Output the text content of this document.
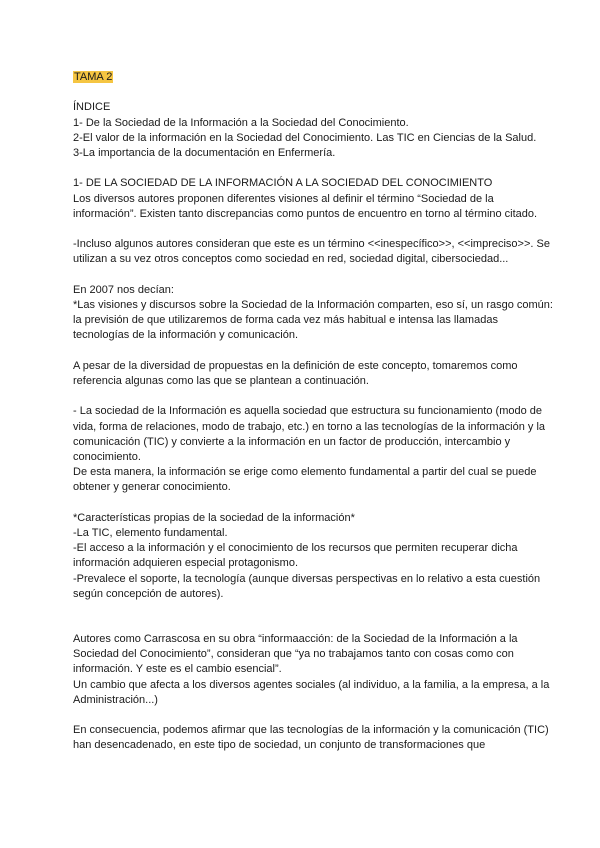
TAMA 2

ÍNDICE

1- De la Sociedad de la Información a la Sociedad del Conocimiento.

2-El valor de la información en la Sociedad del Conocimiento. Las TIC en Ciencias de la Salud.

3-La importancia de la documentación en Enfermería.

1- DE LA SOCIEDAD DE LA INFORMACIÓN A LA SOCIEDAD DEL CONOCIMIENTO

Los diversos autores proponen diferentes visiones al definir el término “Sociedad de la información”. Existen tanto discrepancias como puntos de encuentro en torno al término citado.

-Incluso algunos autores consideran que este es un término <<inespecífico>>, <<impreciso>>. Se utilizan a su vez otros conceptos como sociedad en red, sociedad digital, cibersociedad...

En 2007 nos decían:

*Las visiones y discursos sobre la Sociedad de la Información comparten, eso sí, un rasgo común: la previsión de que utilizaremos de forma cada vez más habitual e intensa las llamadas tecnologías de la información y comunicación.

A pesar de la diversidad de propuestas en la definición de este concepto, tomaremos como referencia algunas como las que se plantean a continuación.

- La sociedad de la Información es aquella sociedad que estructura su funcionamiento (modo de vida, forma de relaciones, modo de trabajo, etc.) en torno a las tecnologías de la información y la comunicación (TIC) y convierte a la información en un factor de producción, intercambio y conocimiento.

De esta manera, la información se erige como elemento fundamental a partir del cual se puede obtener y generar conocimiento.

*Características propias de la sociedad de la información*

-La TIC, elemento fundamental.

-El acceso a la información y el conocimiento de los recursos que permiten recuperar dicha información adquieren especial protagonismo.

-Prevalece el soporte, la tecnología (aunque diversas perspectivas en lo relativo a esta cuestión según concepción de autores).

Autores como Carrascosa en su obra “informaacción: de la Sociedad de la Información a la Sociedad del Conocimiento”, consideran que “ya no trabajamos tanto con cosas como con información. Y este es el cambio esencial”.

Un cambio que afecta a los diversos agentes sociales (al individuo, a la familia, a la empresa, a la Administración...)

En consecuencia, podemos afirmar que las tecnologías de la información y la comunicación (TIC) han desencadenado, en este tipo de sociedad, un conjunto de transformaciones que
